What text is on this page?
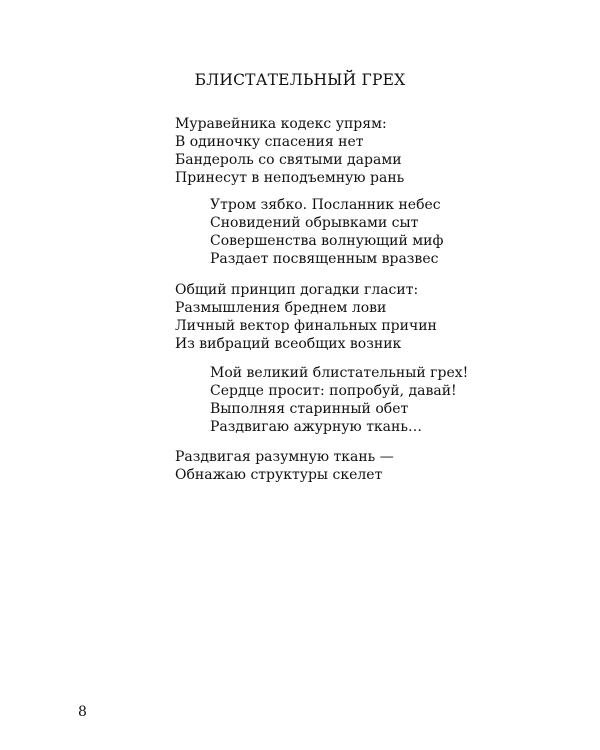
БЛИСТАТЕЛЬНЫЙ ГРЕХ
Муравейника кодекс упрям:
В одиночку спасения нет
Бандероль со святыми дарами
Принесут в неподъемную рань
Утром зябко. Посланник небес
Сновидений обрывками сыт
Совершенства волнующий миф
Раздает посвященным вразвес
Общий принцип догадки гласит:
Размышления бреднем лови
Личный вектор финальных причин
Из вибраций всеобщих возник
Мой великий блистательный грех!
Сердце просит: попробуй, давай!
Выполняя старинный обет
Раздвигаю ажурную ткань…
Раздвигая разумную ткань —
Обнажаю структуры скелет
8
